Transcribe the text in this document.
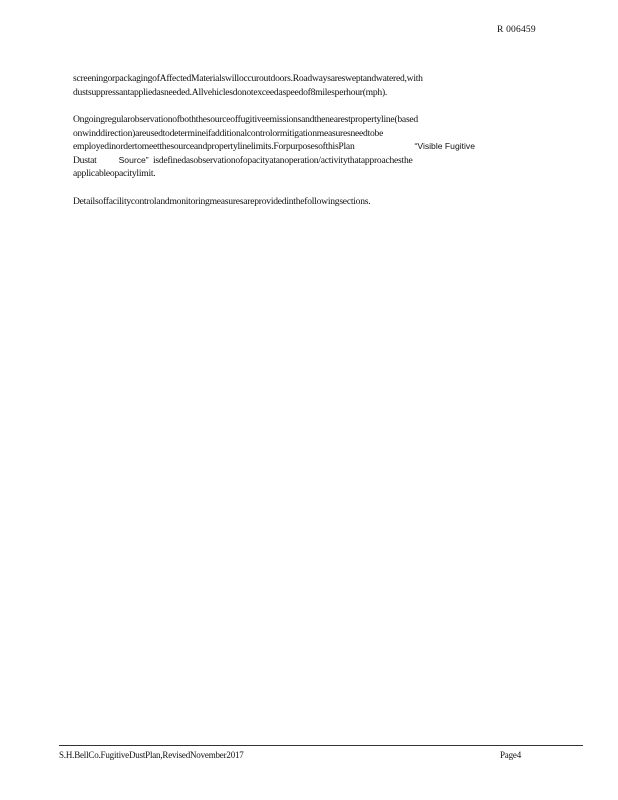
R 006459

screeningorpackagingofAffectedMaterialswilloccuroutdoors.Roadwaysaresweptandwatered,with dustsuppressantappliedasneeded.Allvehiclesdonotexceedaspeedof8milesperhour(mph).

Ongoingregularobservationofboththesourceoffugitiveemissionsandthenearestpropertyline(based
onwinddirection)areusedtodetermineifadditionalcontrolormitigationmeasuresneedtobe
employedinordertomeetthesourceandpropertylinelimits.ForpurposesofthisPlan	“Visible Fugitive
Dustat	Source” isdefinedasobservationofopacityatanoperation/activitythatapproachesthe
applicableopacitylimit.

Detailsoffacilitycontrolandmonitoringmeasuresareprovidedinthefollowingsections.

S.H.BellCo.FugitiveDustPlan,RevisedNovember2017	Page4
